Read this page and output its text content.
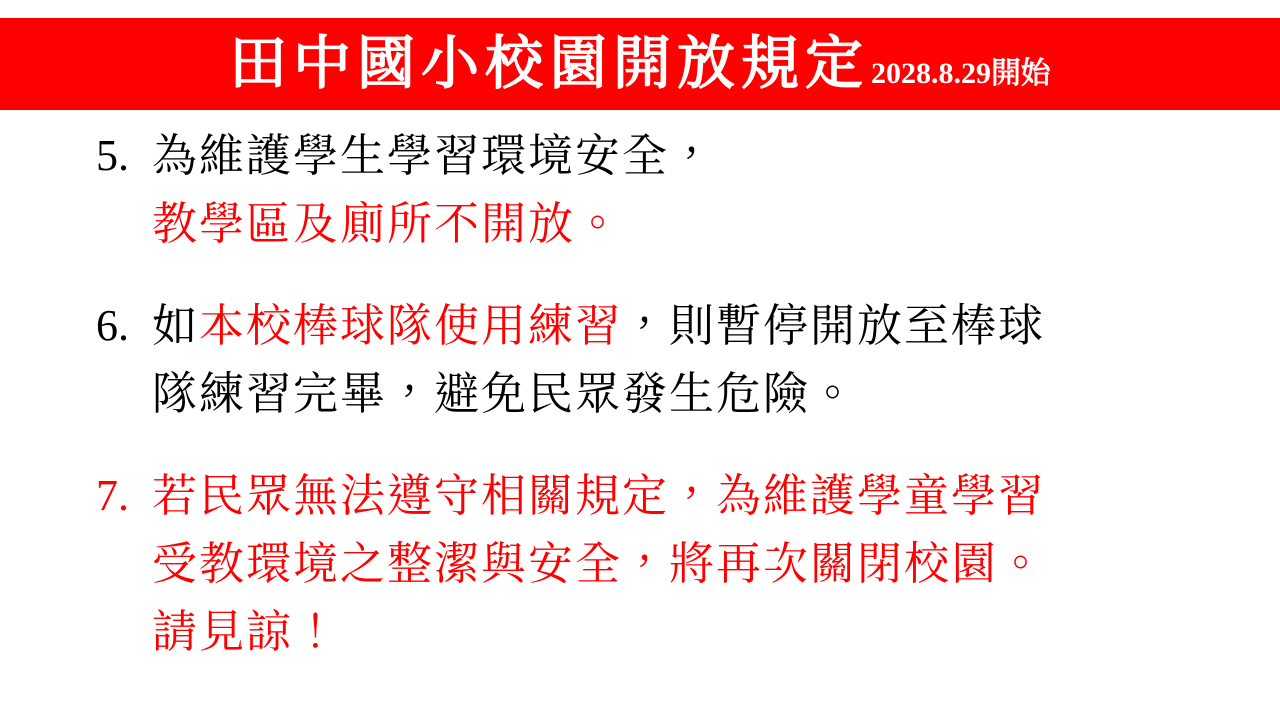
田中國小校園開放規定 2028.8.29開始
5. 為維護學生學習環境安全，
教學區及廁所不開放。
6. 如本校棒球隊使用練習，則暫停開放至棒球
隊練習完畢，避免民眾發生危險。
7. 若民眾無法遵守相關規定，為維護學童學習
受教環境之整潔與安全，將再次關閉校園。
請見諒！
